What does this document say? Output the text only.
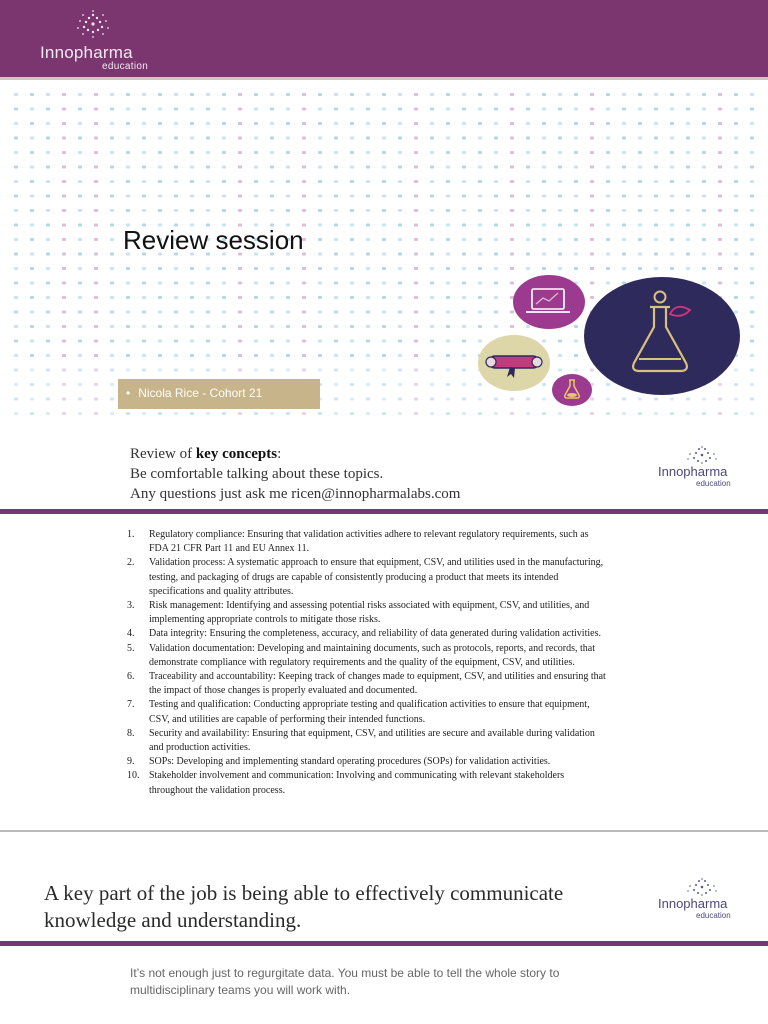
Innopharma
education
Review session
• Nicola Rice - Cohort 21
Review of key concepts:
Be comfortable talking about these topics.
Any questions just ask me ricen@innopharmalabs.com
Innopharma
education
1. Regulatory compliance: Ensuring that validation activities adhere to relevant regulatory requirements, such as FDA 21 CFR Part 11 and EU Annex 11.
2. Validation process: A systematic approach to ensure that equipment, CSV, and utilities used in the manufacturing, testing, and packaging of drugs are capable of consistently producing a product that meets its intended specifications and quality attributes.
3. Risk management: Identifying and assessing potential risks associated with equipment, CSV, and utilities, and implementing appropriate controls to mitigate those risks.
4. Data integrity: Ensuring the completeness, accuracy, and reliability of data generated during validation activities.
5. Validation documentation: Developing and maintaining documents, such as protocols, reports, and records, that demonstrate compliance with regulatory requirements and the quality of the equipment, CSV, and utilities.
6. Traceability and accountability: Keeping track of changes made to equipment, CSV, and utilities and ensuring that the impact of those changes is properly evaluated and documented.
7. Testing and qualification: Conducting appropriate testing and qualification activities to ensure that equipment, CSV, and utilities are capable of performing their intended functions.
8. Security and availability: Ensuring that equipment, CSV, and utilities are secure and available during validation and production activities.
9. SOPs: Developing and implementing standard operating procedures (SOPs) for validation activities.
10. Stakeholder involvement and communication: Involving and communicating with relevant stakeholders throughout the validation process.
A key part of the job is being able to effectively communicate knowledge and understanding.
Innopharma
education
It’s not enough just to regurgitate data. You must be able to tell the whole story to multidisciplinary teams you will work with.
